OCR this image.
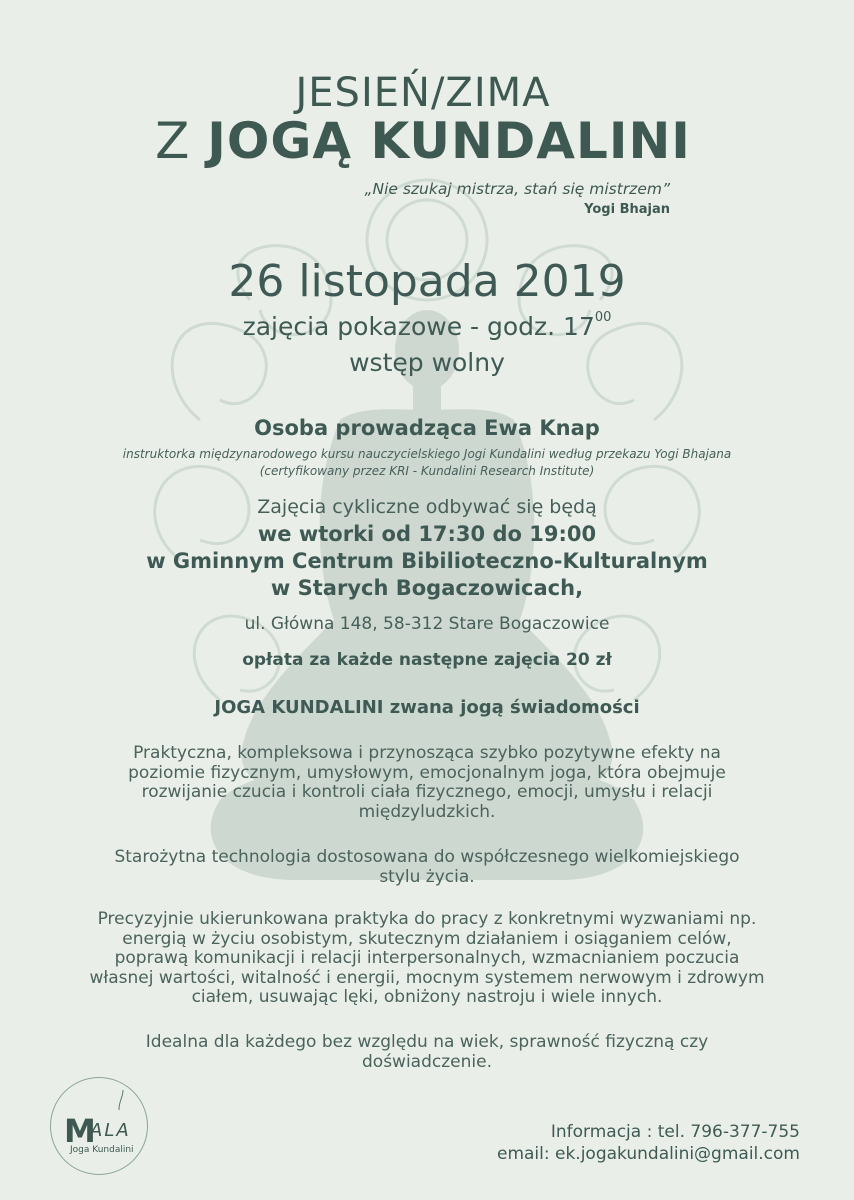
JESIEŃ/ZIMA
Z JOGĄ KUNDALINI
„Nie szukaj mistrza, stań się mistrzem”
Yogi Bhajan
26 listopada 2019
zajęcia pokazowe - godz. $17^{00}$
wstęp wolny
Osoba prowadząca Ewa Knap
instruktorka międzynarodowego kursu nauczycielskiego Jogi Kundalini według przekazu Yogi Bhajana
(certyfikowany przez KRI - Kundalini Research Institute)
Zajęcia cykliczne odbywać się będą
we wtorki od 17:30 do 19:00
w Gminnym Centrum Bibilioteczno-Kulturalnym
w Starych Bogaczowicach,
ul. Główna 148, 58-312 Stare Bogaczowice
opłata za każde następne zajęcia 20 zł
JOGA KUNDALINI zwana jogą świadomości
Praktyczna, kompleksowa i przynosząca szybko pozytywne efekty na
poziomie fizycznym, umysłowym, emocjonalnym joga, która obejmuje
rozwijanie czucia i kontroli ciała fizycznego, emocji, umysłu i relacji
międzyludzkich.
Starożytna technologia dostosowana do współczesnego wielkomiejskiego
stylu życia.
Precyzyjnie ukierunkowana praktyka do pracy z konkretnymi wyzwaniami np.
energią w życiu osobistym, skutecznym działaniem i osiąganiem celów,
poprawą komunikacji i relacji interpersonalnych, wzmacnianiem poczucia
własnej wartości, witalność i energii, mocnym systemem nerwowym i zdrowym
ciałem, usuwając lęki, obniżony nastroju i wiele innych.
Idealna dla każdego bez względu na wiek, sprawność fizyczną czy
doświadczenie.
M
ALA
Joga Kundalini
Informacja : tel. 796-377-755
email: ek.jogakundalini@gmail.com
